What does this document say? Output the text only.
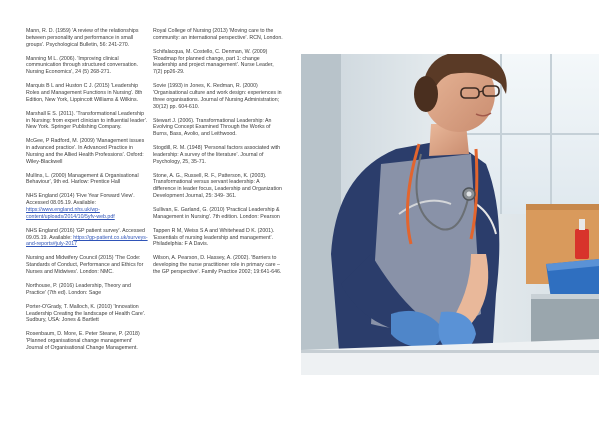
Mann, R. D. (1959) 'A review of the relationships between personality and performance in small groups'. Psychological Bulletin, 56: 241-270.

Manning M L. (2006). 'Improving clinical communication through structured conversation. Nursing Economics', 24 (5) 268-271.

Marquis B L and Huston C J. (2015) 'Leadership Roles and Management Functions in Nursing'. 8th Edition, New York, Lippincott Williams & Wilkins.

Marshall E S. (2011). 'Transformational Leadership in Nursing: from expert clinician to influential leader'. New York. Springer Publishing Company.

McGee, P Radford, M. (2009) 'Management issues in advanced practice'. In Advanced Practice in Nursing and the Allied Health Professions'. Oxford: Wiley-Blackwell

Mullins, L. (2000) Management & Organisational Behaviour', 9th ed. Harlow: Prentice Hall

NHS England (2014) 'Five Year Forward View'. Accessed 08.05.19. Available: https://www.england.nhs.uk/wp-content/uploads/2014/10/5yfv-web.pdf

NHS England (2016) 'GP patient survey'. Accessed 09.05.19. Available: https://gp-patient.co.uk/surveys-and-reports#july-2017

Nursing and Midwifery Council (2015) 'The Code: Standards of Conduct, Performance and Ethics for Nurses and Midwives'. London: NMC.

Northouse, P. (2016) Leadership, Theory and Practice' (7th ed). London: Sage

Porter-O'Grady, T. Malloch, K. (2010) 'Innovation Leadership Creating the landscape of Health Care'. Sudbury, USA: Jones & Bartlett

Rosenbaum, D. More, E. Peter Steane, P. (2018) 'Planned organisational change management' Journal of Organisational Change Management.

Royal College of Nursing (2013) 'Moving care to the community: an international perspective'. RCN, London.

Schifalacqua, M. Costello, C. Denman, W. (2009) 'Roadmap for planned change, part 1: change leadership and project management'. Nurse Leader, 7(2) pp26-29.

Sovie (1993) in Jones, K. Redman, R. (2000) 'Organisational culture and work design: experiences in three organisations. Journal of Nursing Administration; 30(12) pp. 604-610.

Stewart J. (2006). Transformational Leadership: An Evolving Concept Examined Through the Works of Burns, Bass, Avolio, and Leithwood.

Stogdill, R. M. (1948) 'Personal factors associated with leadership: A survey of the literature'. Journal of Psychology, 25, 35-71.

Stone, A. G., Russell, R. F., Patterson, K. (2003). Transformational versus servant leadership: A difference in leader focus, Leadership and Organization Development Journal, 25: 349- 361.

Sullivan, E. Garland, G. (2010) 'Practical Leadership & Management in Nursing'. 7th edition. London: Pearson

Tappen R M, Weiss S A and Whitehead D K. (2001). 'Essentials of nursing leadership and management'. Philadelphia: F A Davis.

Wilson, A. Pearson, D. Hassey, A. (2002). 'Barriers to developing the nurse practitioner role in primary care – the GP perspective'. Family Practice 2002; 19:641-646.
